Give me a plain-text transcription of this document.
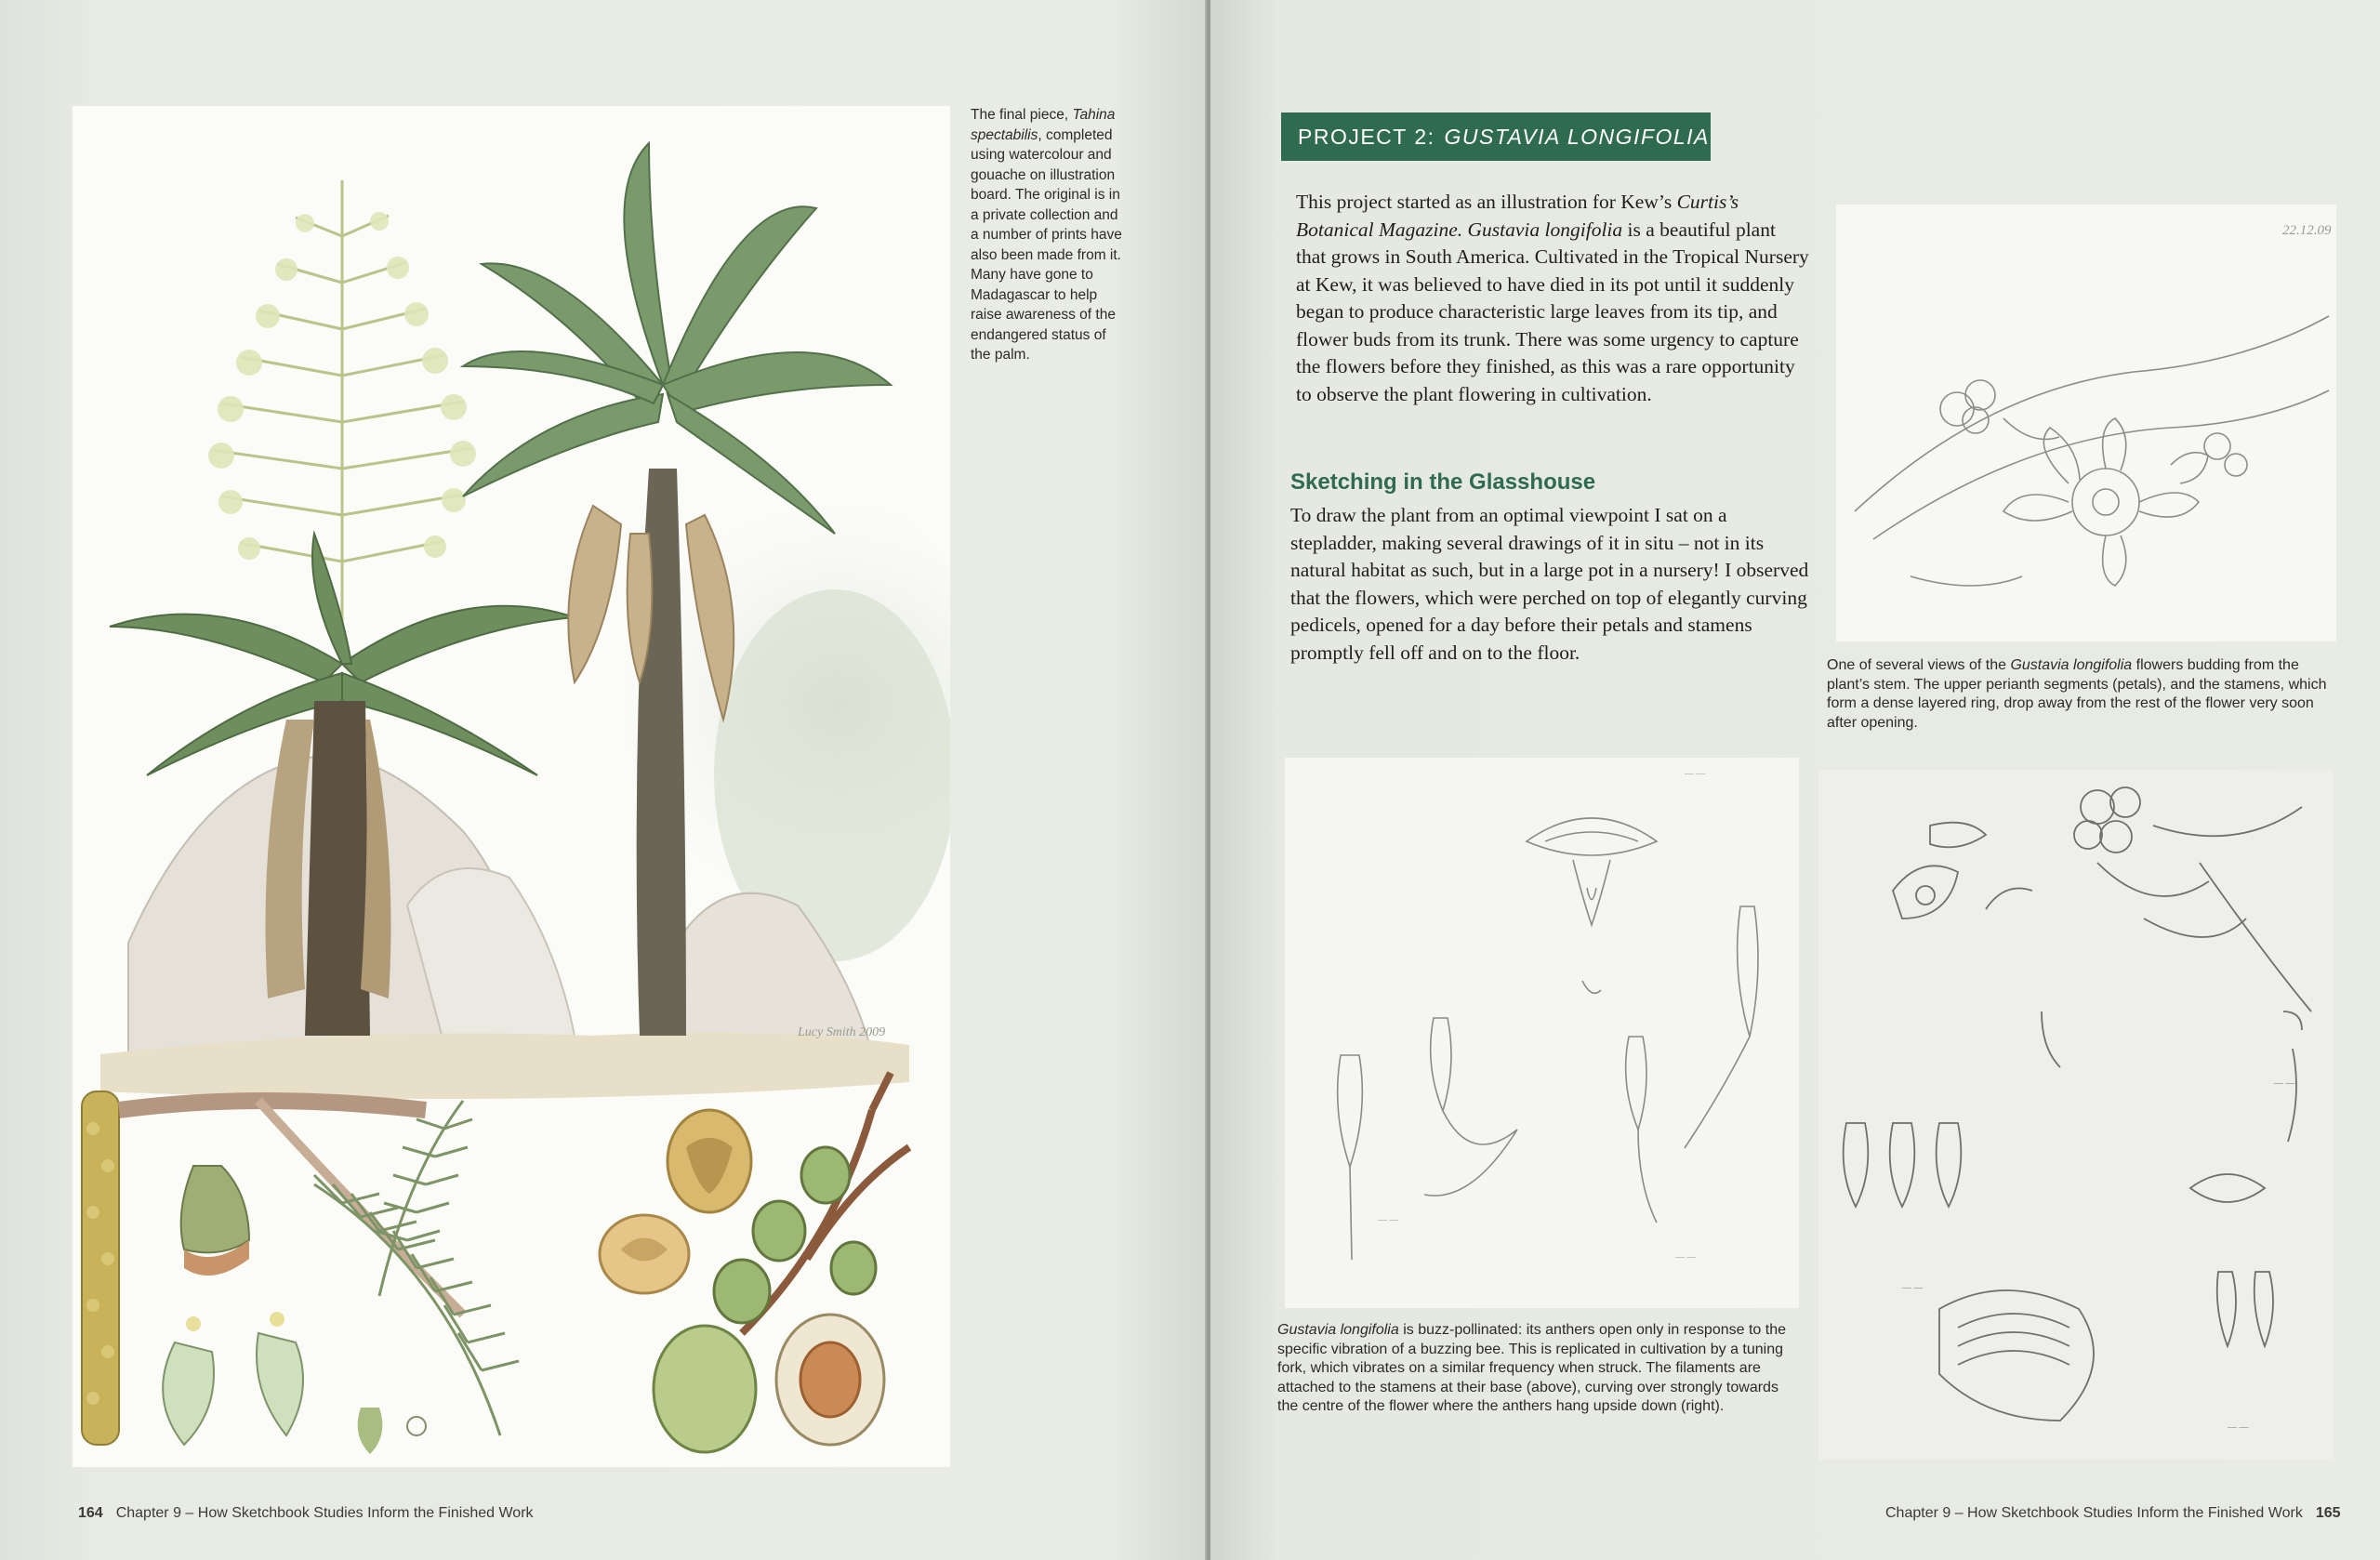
Lucy Smith 2009
The final piece, Tahina spectabilis, completed using watercolour and gouache on illustration board. The original is in a private collection and a number of prints have also been made from it. Many have gone to Madagascar to help raise awareness of the endangered status of the palm.
164 Chapter 9 – How Sketchbook Studies Inform the Finished Work
PROJECT 2: GUSTAVIA LONGIFOLIA
This project started as an illustration for Kew’s Curtis’s Botanical Magazine. Gustavia longifolia is a beautiful plant that grows in South America. Cultivated in the Tropical Nursery at Kew, it was believed to have died in its pot until it suddenly began to produce characteristic large leaves from its tip, and flower buds from its trunk. There was some urgency to capture the flowers before they finished, as this was a rare opportunity to observe the plant flowering in cultivation.
Sketching in the Glasshouse
To draw the plant from an optimal viewpoint I sat on a stepladder, making several drawings of it in situ – not in its natural habitat as such, but in a large pot in a nursery! I observed that the flowers, which were perched on top of elegantly curving pedicels, opened for a day before their petals and stamens promptly fell off and on to the floor.
22.12.09
One of several views of the Gustavia longifolia flowers budding from the plant’s stem. The upper perianth segments (petals), and the stamens, which form a dense layered ring, drop away from the rest of the flower very soon after opening.
— —
— —
— —
Gustavia longifolia is buzz-pollinated: its anthers open only in response to the specific vibration of a buzzing bee. This is replicated in cultivation by a tuning fork, which vibrates on a similar frequency when struck. The filaments are attached to the stamens at their base (above), curving over strongly towards the centre of the flower where the anthers hang upside down (right).
— —
— —
— —
Chapter 9 – How Sketchbook Studies Inform the Finished Work 165
